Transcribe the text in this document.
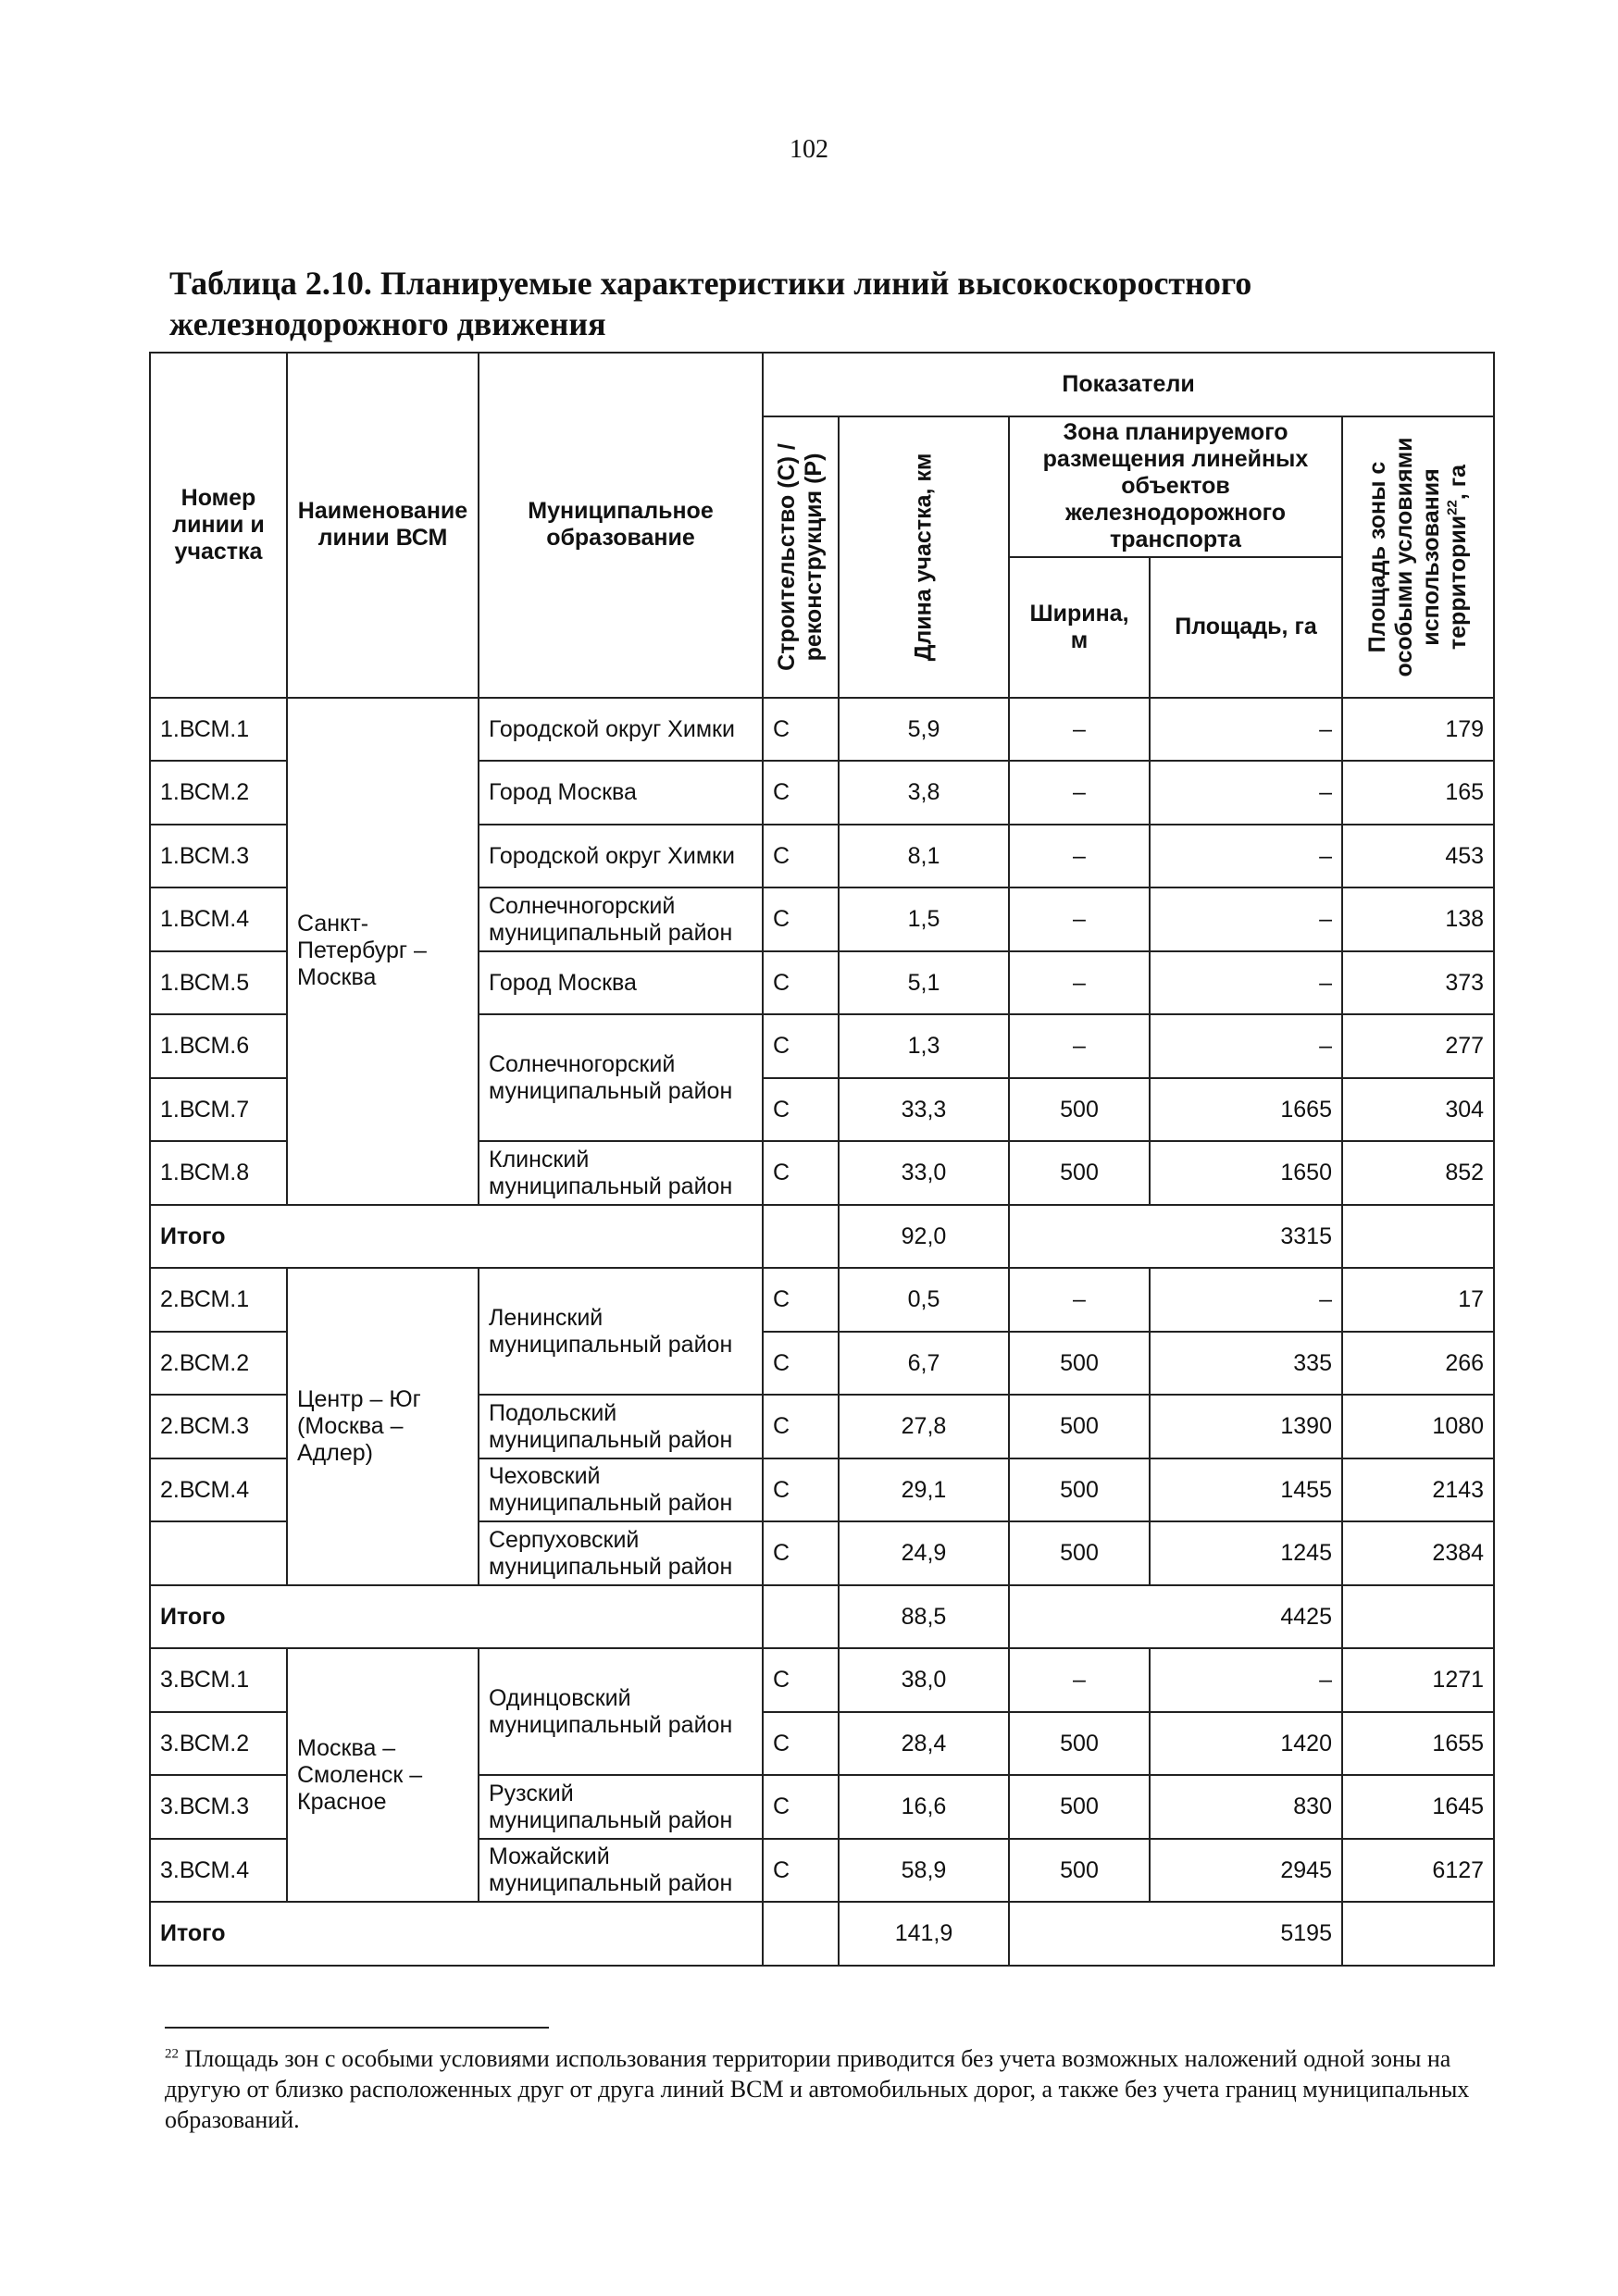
102
Таблица 2.10. Планируемые характеристики линий высокоскоростного железнодорожного движения
Номер линии и участка	Наименование линии ВСМ	Муниципальное образование	Показатели				

			Строительство (С) / реконструкция (Р)	Длина участка, км	Зона планируемого размещения линейных объектов железнодорожного транспорта		Площадь зоны с особыми условиями использования территории$^{22}$, га

					Ширина, м	Площадь, га	
1.ВСМ.1	Санкт-Петербург – Москва	Городской округ Химки	С	5,9	–	–	179
1.ВСМ.2		Город Москва	С	3,8	–	–	165
1.ВСМ.3		Городской округ Химки	С	8,1	–	–	453
1.ВСМ.4		Солнечногорский муниципальный район	С	1,5	–	–	138
1.ВСМ.5		Город Москва	С	5,1	–	–	373
1.ВСМ.6		Солнечногорский муниципальный район	С	1,3	–	–	277
1.ВСМ.7			С	33,3	500	1665	304
1.ВСМ.8		Клинский муниципальный район	С	33,0	500	1650	852
Итого				92,0	3315		
2.ВСМ.1	Центр – Юг (Москва – Адлер)	Ленинский муниципальный район	С	0,5	–	–	17
2.ВСМ.2			С	6,7	500	335	266
2.ВСМ.3		Подольский муниципальный район	С	27,8	500	1390	1080
2.ВСМ.4		Чеховский муниципальный район	С	29,1	500	1455	2143
		Серпуховский муниципальный район	С	24,9	500	1245	2384
Итого				88,5	4425		
3.ВСМ.1	Москва – Смоленск – Красное	Одинцовский муниципальный район	С	38,0	–	–	1271
3.ВСМ.2			С	28,4	500	1420	1655
3.ВСМ.3		Рузский муниципальный район	С	16,6	500	830	1645
3.ВСМ.4		Можайский муниципальный район	С	58,9	500	2945	6127
Итого				141,9	5195		
$^{22}$ Площадь зон с особыми условиями использования территории приводится без учета возможных наложений одной зоны на другую от близко расположенных друг от друга линий ВСМ и автомобильных дорог, а также без учета границ муниципальных образований.
